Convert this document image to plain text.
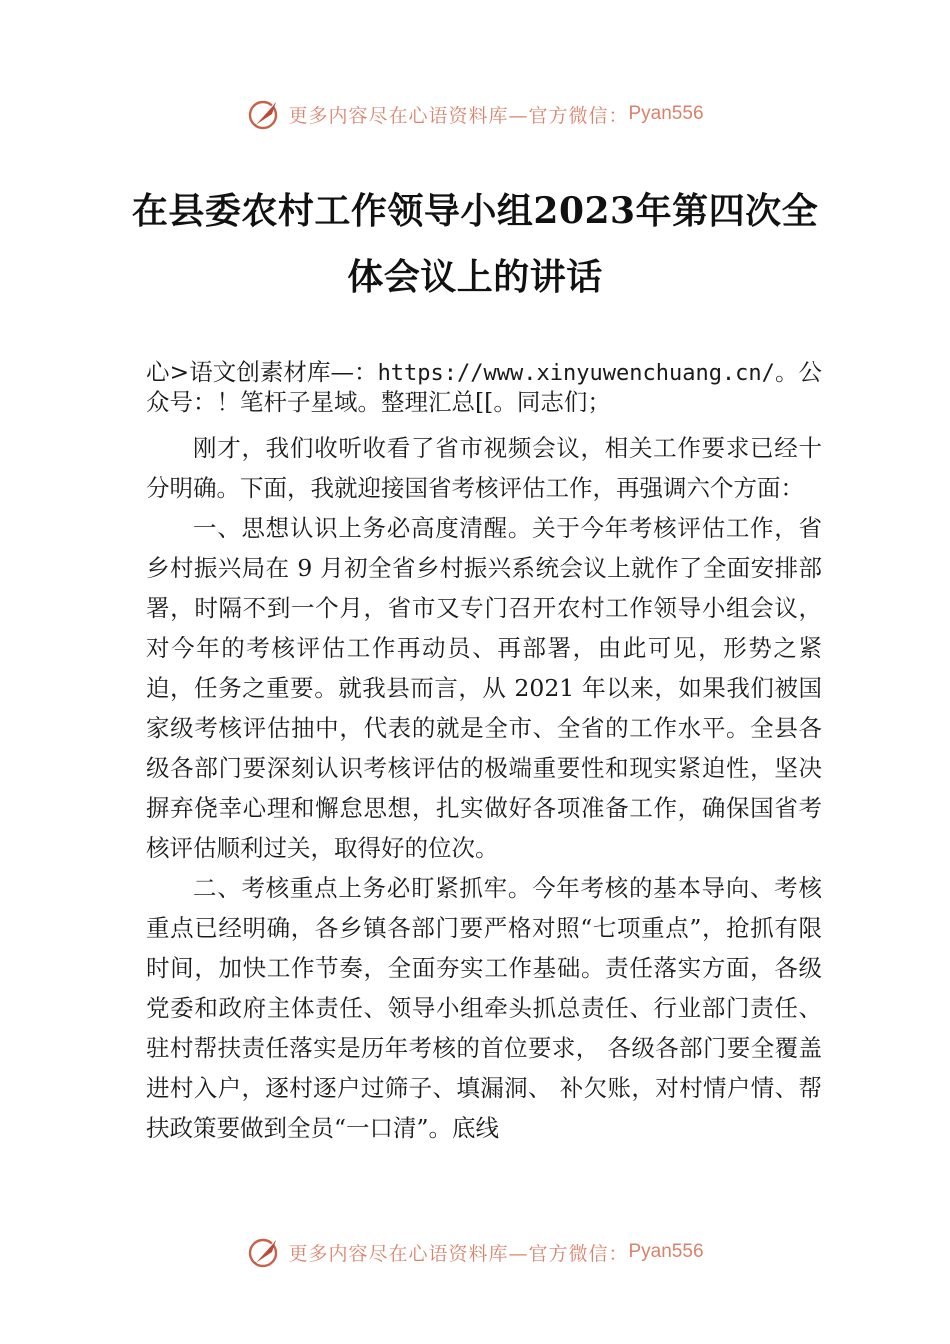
更多内容尽在心语资料库—官方微信： Pyan556
在县委农村工作领导小组2023年第四次全体会议上的讲话

心>语文创素材库—：https://www.xinyuwenchuang.cn/。公众号：！笔杆子星域。整理汇总[[。同志们；

刚才，我们收听收看了省市视频会议，相关工作要求已经十分明确。下面，我就迎接国省考核评估工作，再强调六个方面：

一、思想认识上务必高度清醒。关于今年考核评估工作，省乡村振兴局在 9 月初全省乡村振兴系统会议上就作了全面安排部署，时隔不到一个月，省市又专门召开农村工作领导小组会议，对今年的考核评估工作再动员、再部署，由此可见，形势之紧迫，任务之重要。就我县而言，从 2021 年以来，如果我们被国家级考核评估抽中，代表的就是全市、全省的工作水平。全县各级各部门要深刻认识考核评估的极端重要性和现实紧迫性，坚决摒弃侥幸心理和懈怠思想，扎实做好各项准备工作，确保国省考核评估顺利过关，取得好的位次。

二、考核重点上务必盯紧抓牢。今年考核的基本导向、考核重点已经明确，各乡镇各部门要严格对照“七项重点”，抢抓有限时间，加快工作节奏，全面夯实工作基础。责任落实方面，各级党委和政府主体责任、领导小组牵头抓总责任、行业部门责任、驻村帮扶责任落实是历年考核的首位要求， 各级各部门要全覆盖进村入户，逐村逐户过筛子、填漏洞、 补欠账，对村情户情、帮扶政策要做到全员“一口清”。底线

更多内容尽在心语资料库—官方微信： Pyan556
